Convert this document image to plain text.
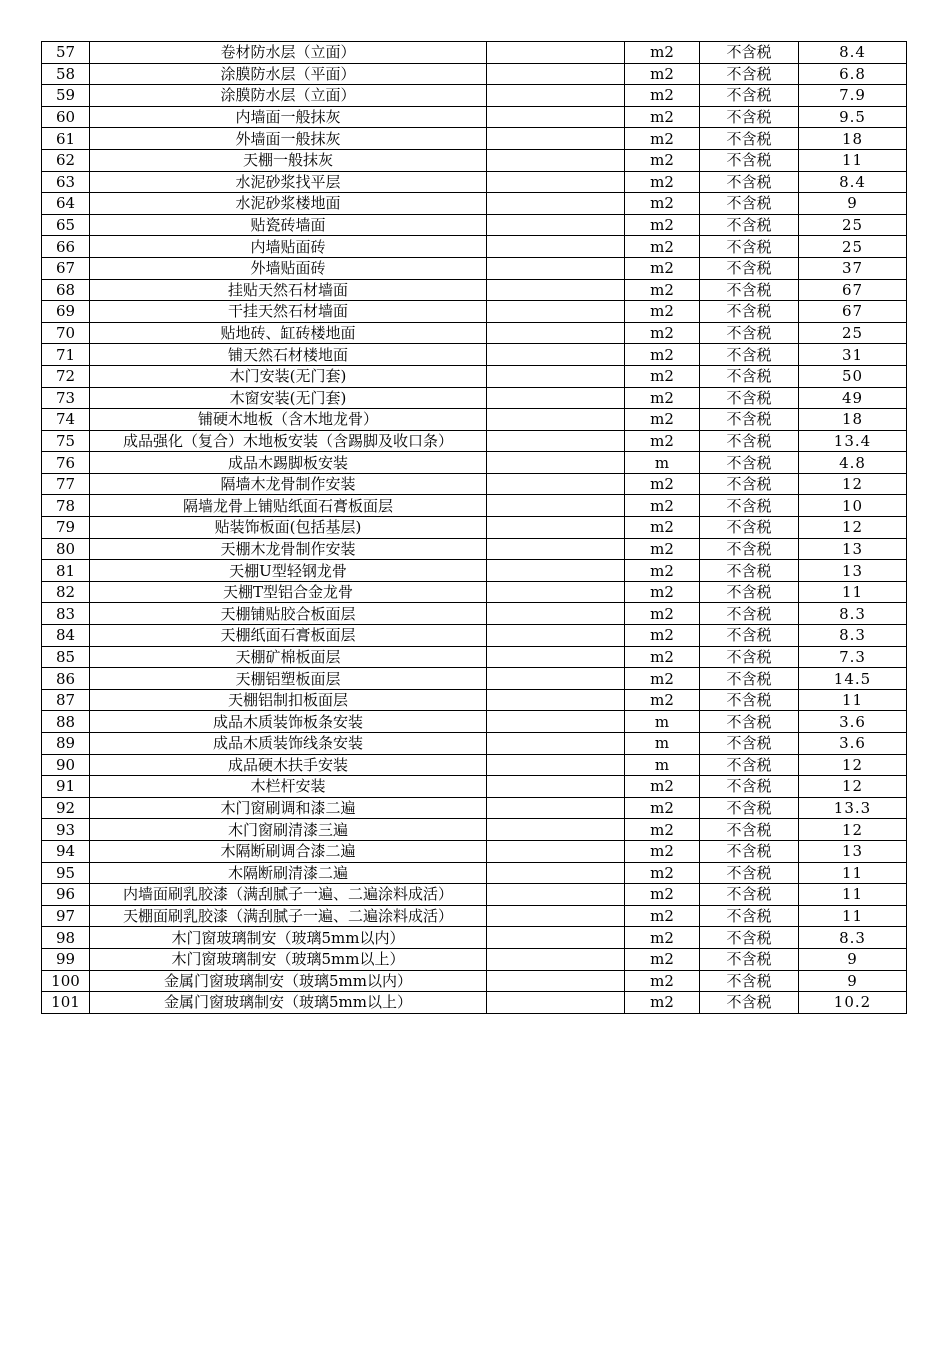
57	卷材防水层（立面）		m2	不含税	8.4
58	涂膜防水层（平面）		m2	不含税	6.8
59	涂膜防水层（立面）		m2	不含税	7.9
60	内墙面一般抹灰		m2	不含税	9.5
61	外墙面一般抹灰		m2	不含税	18
62	天棚一般抹灰		m2	不含税	11
63	水泥砂浆找平层		m2	不含税	8.4
64	水泥砂浆楼地面		m2	不含税	9
65	贴瓷砖墙面		m2	不含税	25
66	内墙贴面砖		m2	不含税	25
67	外墙贴面砖		m2	不含税	37
68	挂贴天然石材墙面		m2	不含税	67
69	干挂天然石材墙面		m2	不含税	67
70	贴地砖、缸砖楼地面		m2	不含税	25
71	铺天然石材楼地面		m2	不含税	31
72	木门安装(无门套)		m2	不含税	50
73	木窗安装(无门套)		m2	不含税	49
74	铺硬木地板（含木地龙骨）		m2	不含税	18
75	成品强化（复合）木地板安装（含踢脚及收口条）		m2	不含税	13.4
76	成品木踢脚板安装		m	不含税	4.8
77	隔墙木龙骨制作安装		m2	不含税	12
78	隔墙龙骨上铺贴纸面石膏板面层		m2	不含税	10
79	贴装饰板面(包括基层)		m2	不含税	12
80	天棚木龙骨制作安装		m2	不含税	13
81	天棚U型轻钢龙骨		m2	不含税	13
82	天棚T型铝合金龙骨		m2	不含税	11
83	天棚铺贴胶合板面层		m2	不含税	8.3
84	天棚纸面石膏板面层		m2	不含税	8.3
85	天棚矿棉板面层		m2	不含税	7.3
86	天棚铝塑板面层		m2	不含税	14.5
87	天棚铝制扣板面层		m2	不含税	11
88	成品木质装饰板条安装		m	不含税	3.6
89	成品木质装饰线条安装		m	不含税	3.6
90	成品硬木扶手安装		m	不含税	12
91	木栏杆安装		m2	不含税	12
92	木门窗刷调和漆二遍		m2	不含税	13.3
93	木门窗刷清漆三遍		m2	不含税	12
94	木隔断刷调合漆二遍		m2	不含税	13
95	木隔断刷清漆二遍		m2	不含税	11
96	内墙面刷乳胶漆（满刮腻子一遍、二遍涂料成活）		m2	不含税	11
97	天棚面刷乳胶漆（满刮腻子一遍、二遍涂料成活）		m2	不含税	11
98	木门窗玻璃制安（玻璃5mm以内）		m2	不含税	8.3
99	木门窗玻璃制安（玻璃5mm以上）		m2	不含税	9
100	金属门窗玻璃制安（玻璃5mm以内）		m2	不含税	9
101	金属门窗玻璃制安（玻璃5mm以上）		m2	不含税	10.2
